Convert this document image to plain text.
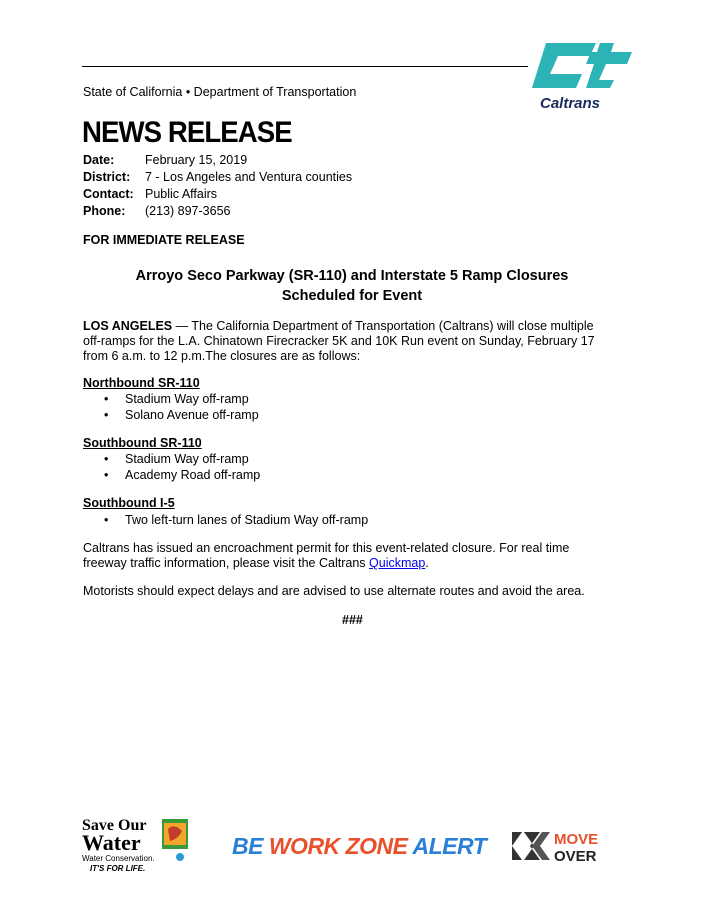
State of California • Department of Transportation
Caltrans
NEWS RELEASE
Date:	February 15, 2019
District:	7 - Los Angeles and Ventura counties
Contact: Public Affairs
Phone:	(213) 897-3656
FOR IMMEDIATE RELEASE
Arroyo Seco Parkway (SR-110) and Interstate 5 Ramp Closures
Scheduled for Event
LOS ANGELES — The California Department of Transportation (Caltrans) will close multiple off-ramps for the L.A. Chinatown Firecracker 5K and 10K Run event on Sunday, February 17 from 6 a.m. to 12 p.m.The closures are as follows:
Northbound SR-110
•	Stadium Way off-ramp
•	Solano Avenue off-ramp
Southbound SR-110
•	Stadium Way off-ramp
•	Academy Road off-ramp
Southbound I-5
•	Two left-turn lanes of Stadium Way off-ramp
Caltrans has issued an encroachment permit for this event-related closure. For real time freeway traffic information, please visit the Caltrans Quickmap.
Motorists should expect delays and are advised to use alternate routes and avoid the area.
###
Save Our
Water
Water Conservation.
IT'S FOR LIFE.
BE WORK ZONE ALERT	MOVE
OVER
